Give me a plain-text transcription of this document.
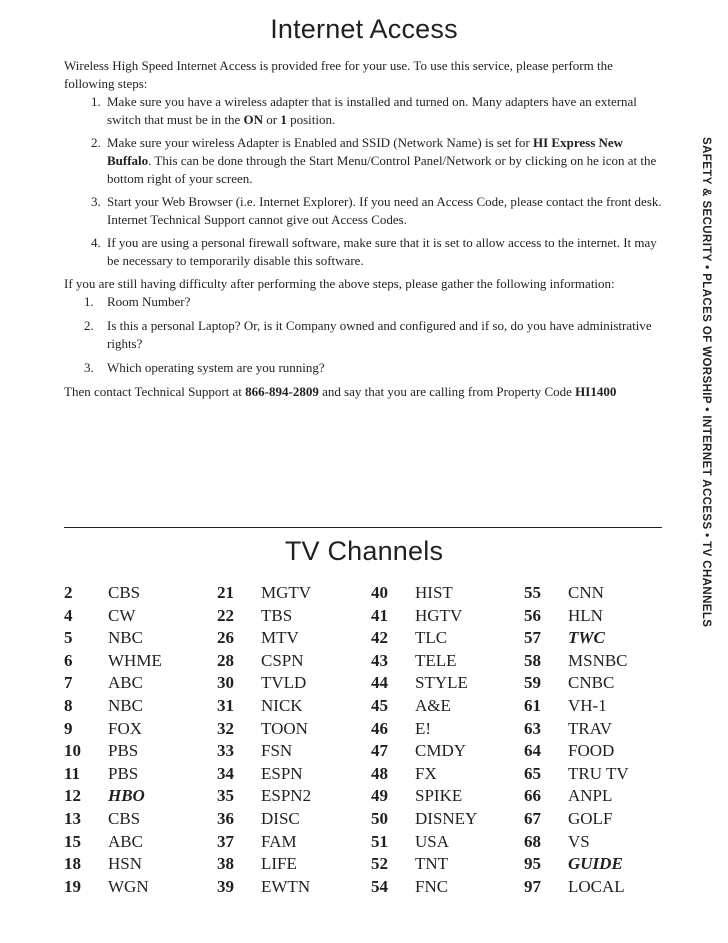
Internet Access

Wireless High Speed Internet Access is provided free for your use. To use this service, please perform the following steps:

1. Make sure you have a wireless adapter that is installed and turned on. Many adapters have an external switch that must be in the ON or 1 position.
2. Make sure your wireless Adapter is Enabled and SSID (Network Name) is set for HI Express New Buffalo. This can be done through the Start Menu/Control Panel/Network or by clicking on he icon at the bottom right of your screen.
3. Start your Web Browser (i.e. Internet Explorer). If you need an Access Code, please contact the front desk. Internet Technical Support cannot give out Access Codes.
4. If you are using a personal firewall software, make sure that it is set to allow access to the internet. It may be necessary to temporarily disable this software.

If you are still having difficulty after performing the above steps, please gather the following information:

1. Room Number?
2. Is this a personal Laptop? Or, is it Company owned and configured and if so, do you have administrative rights?
3. Which operating system are you running?

Then contact Technical Support at 866-894-2809 and say that you are calling from Property Code HI1400	SAFETY & SECURITY • PLACES OF WORSHIP • INTERNET ACCESS • TV CHANNELS
TV Channels
2 CBS
4 CW
5 NBC
6 WHME
7 ABC
8 NBC
9 FOX
10 PBS
11 PBS
12 HBO
13 CBS
15 ABC
18 HSN
19 WGN
21 MGTV
22 TBS
26 MTV
28 CSPN
30 TVLD
31 NICK
32 TOON
33 FSN
34 ESPN
35 ESPN2
36 DISC
37 FAM
38 LIFE
39 EWTN
40 HIST
41 HGTV
42 TLC
43 TELE
44 STYLE
45 A&E
46 E!
47 CMDY
48 FX
49 SPIKE
50 DISNEY
51 USA
52 TNT
54 FNC
55 CNN
56 HLN
57 TWC
58 MSNBC
59 CNBC
61 VH-1
63 TRAV
64 FOOD
65 TRU TV
66 ANPL
67 GOLF
68 VS
95 GUIDE
97 LOCAL
